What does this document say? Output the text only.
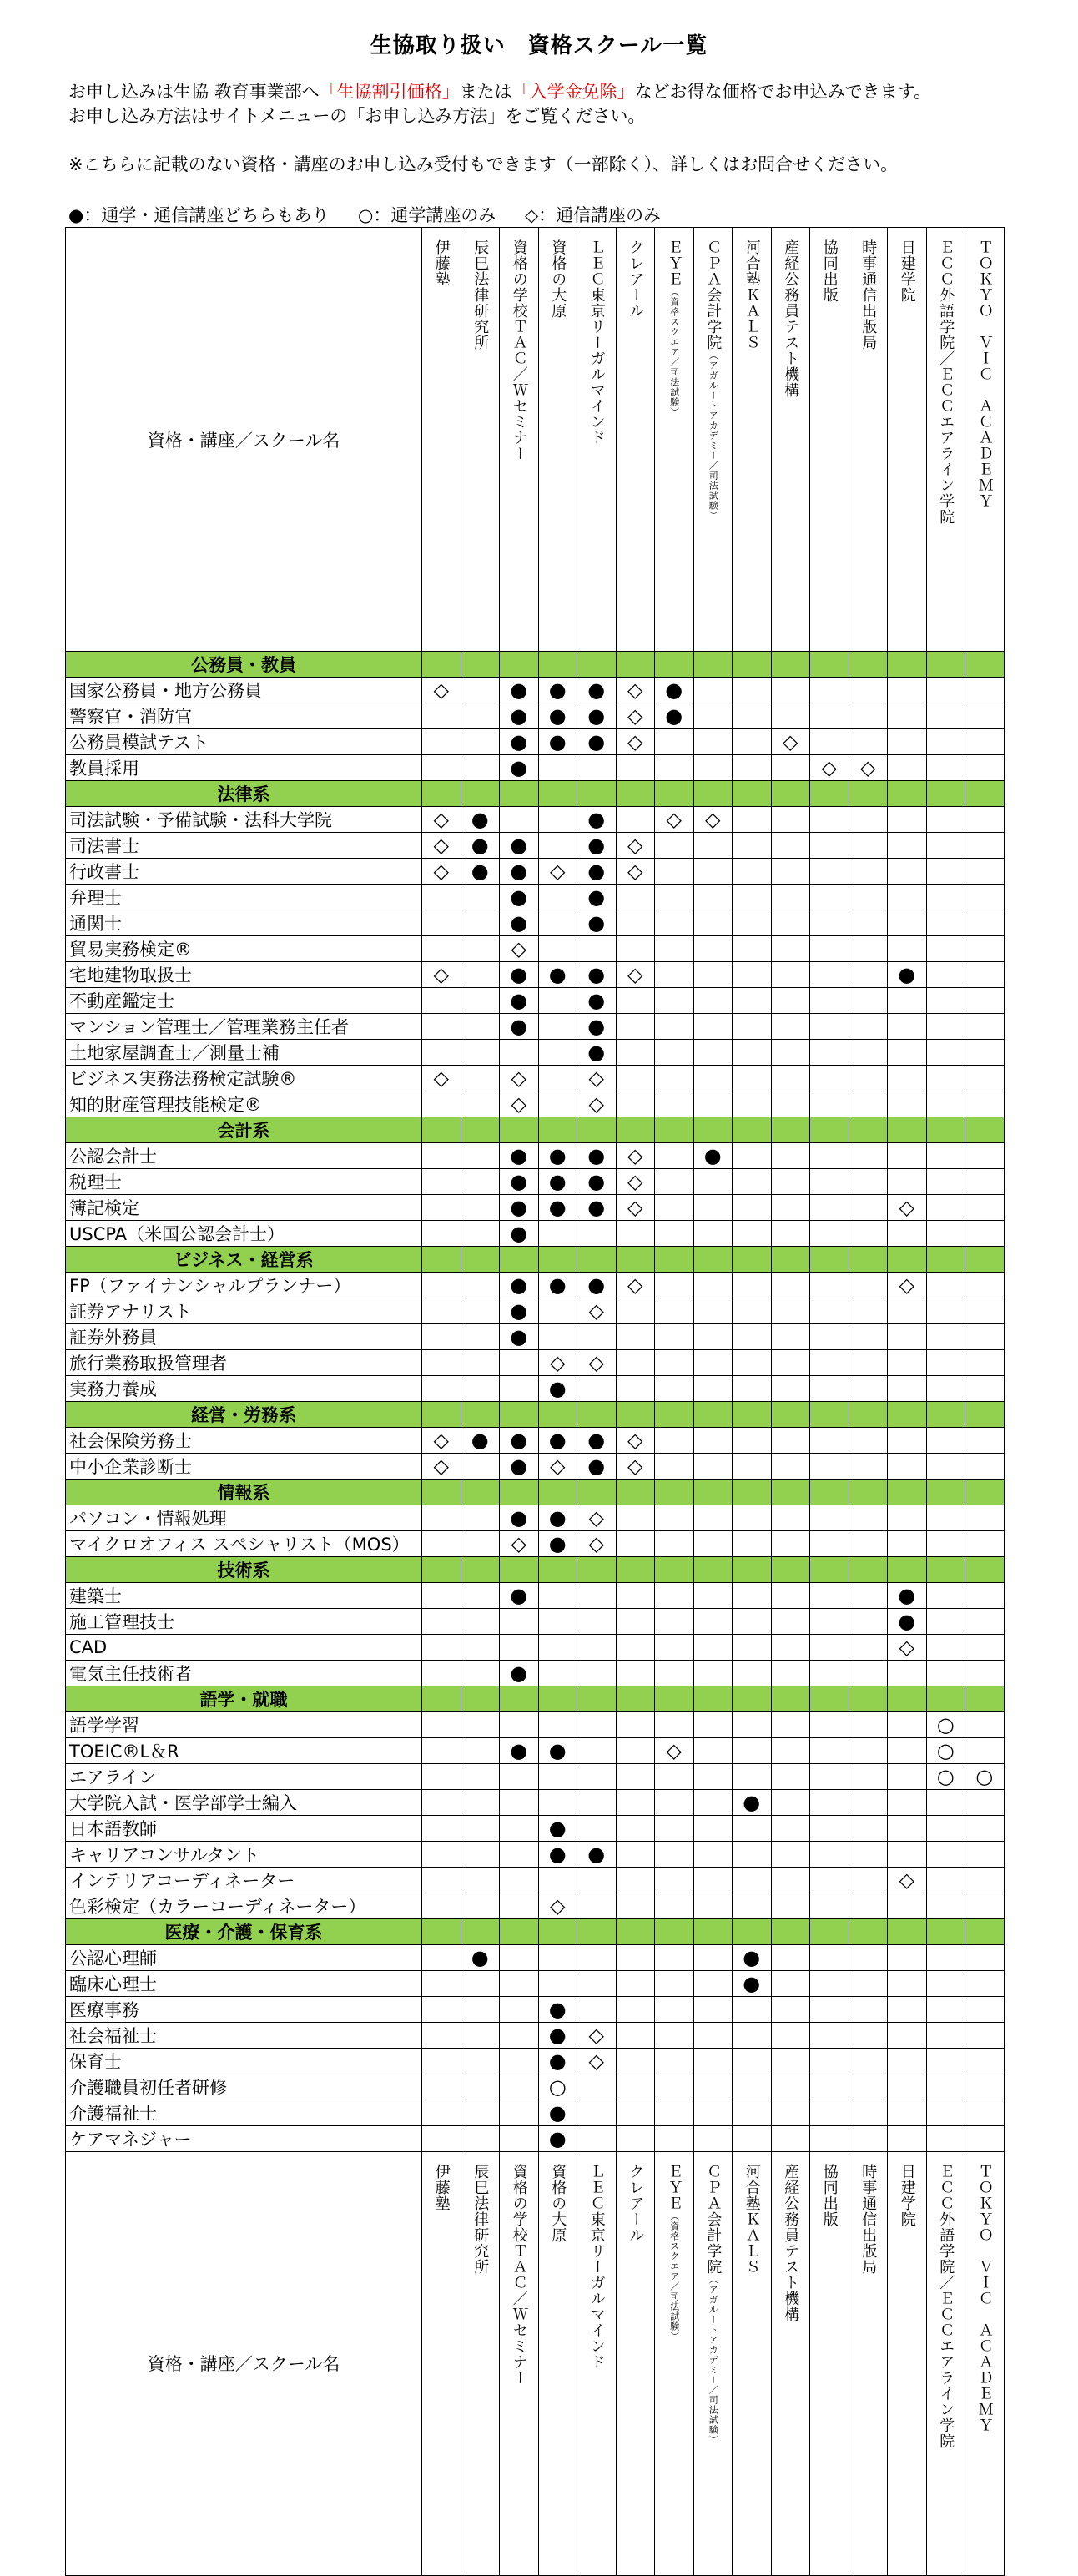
生協取り扱い　資格スクール一覧
お申し込みは生協 教育事業部へ「生協割引価格」または「入学金免除」などお得な価格でお申込みできます。
お申し込み方法はサイトメニューの「お申し込み方法」をご覧ください。
※こちらに記載のない資格・講座のお申し込み受付もできます（一部除く）、詳しくはお問合せください。
●：通学・通信講座どちらもあり ○：通学講座のみ ◇：通信講座のみ
資格・講座／スクール名	伊藤塾	辰巳法律研究所	資格の学校ＴＡＣ／Ｗセミナー	資格の大原	ＬＥＣ東京リーガルマインド	クレアール	ＥＹＥ（資格スクエア／司法試験）	ＣＰＡ会計学院（アガルートアカデミー／司法試験）	河合塾ＫＡＬＳ	産経公務員テスト機構	協同出版	時事通信出版局	日建学院	ＥＣＣ外語学院／ＥＣＣエアライン学院	ＴＯＫＹＯ　ＶＩＣ　ＡＣＡＤＥＭＹ

公務員・教員															
国家公務員・地方公務員	◇		●	●	●	◇	●								
警察官・消防官			●	●	●	◇	●								
公務員模試テスト			●	●	●	◇				◇					
教員採用			●								◇	◇			
法律系															
司法試験・予備試験・法科大学院	◇	●			●		◇	◇							
司法書士	◇	●	●		●	◇									
行政書士	◇	●	●	◇	●	◇									
弁理士			●		●										
通関士			●		●										
貿易実務検定®			◇												
宅地建物取扱士	◇		●	●	●	◇							●		
不動産鑑定士			●		●										
マンション管理士／管理業務主任者			●		●										
土地家屋調査士／測量士補					●										
ビジネス実務法務検定試験®	◇		◇		◇										
知的財産管理技能検定®			◇		◇										
会計系															
公認会計士			●	●	●	◇		●							
税理士			●	●	●	◇									
簿記検定			●	●	●	◇							◇		
USCPA（米国公認会計士）			●												
ビジネス・経営系															
FP（ファイナンシャルプランナー）			●	●	●	◇							◇		
証券アナリスト			●		◇										
証券外務員			●												
旅行業務取扱管理者				◇	◇										
実務力養成				●											
経営・労務系															
社会保険労務士	◇	●	●	●	●	◇									
中小企業診断士	◇		●	◇	●	◇									
情報系															
パソコン・情報処理			●	●	◇										
マイクロオフィス スペシャリスト（MOS）			◇	●	◇										
技術系															
建築士			●										●		
施工管理技士													●		
CAD													◇		
電気主任技術者			●												
語学・就職															
語学学習														○	
TOEIC®L＆R			●	●			◇							○	
エアライン														○	○
大学院入試・医学部学士編入									●						
日本語教師				●											
キャリアコンサルタント				●	●										
インテリアコーディネーター													◇		
色彩検定（カラーコーディネーター）				◇											
医療・介護・保育系															
公認心理師		●							●						
臨床心理士									●						
医療事務				●											
社会福祉士				●	◇										
保育士				●	◇										
介護職員初任者研修				○											
介護福祉士				●											
ケアマネジャー				●											
資格・講座／スクール名	伊藤塾	辰巳法律研究所	資格の学校ＴＡＣ／Ｗセミナー	資格の大原	ＬＥＣ東京リーガルマインド	クレアール	ＥＹＥ（資格スクエア／司法試験）	ＣＰＡ会計学院（アガルートアカデミー／司法試験）	河合塾ＫＡＬＳ	産経公務員テスト機構	協同出版	時事通信出版局	日建学院	ＥＣＣ外語学院／ＥＣＣエアライン学院	ＴＯＫＹＯ　ＶＩＣ　ＡＣＡＤＥＭＹ
